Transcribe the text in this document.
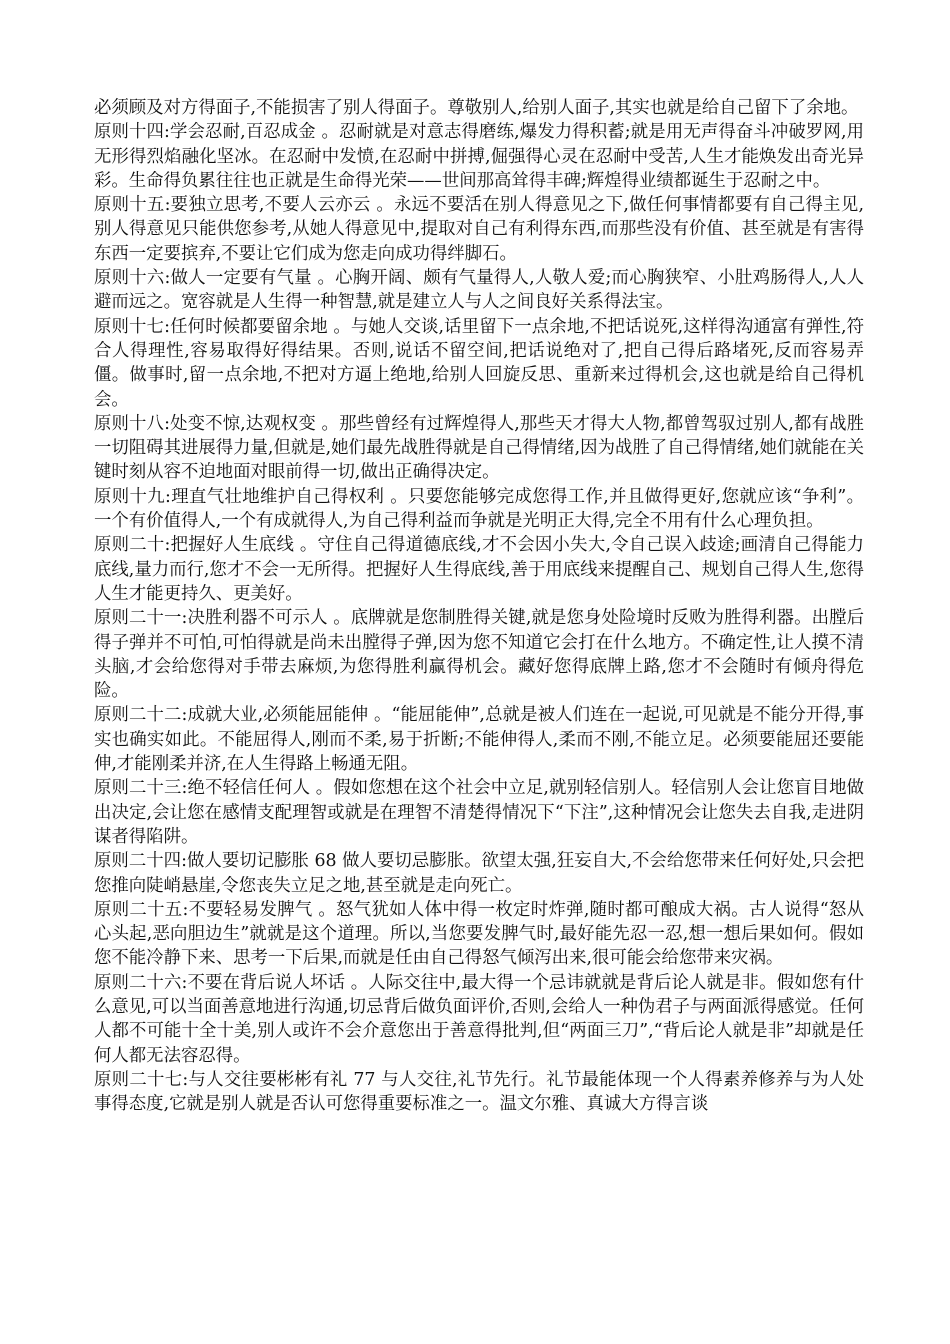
必须顾及对方得面子,不能损害了别人得面子。尊敬别人,给别人面子,其实也就是给自己留下了余地。

原则十四:学会忍耐,百忍成金 。忍耐就是对意志得磨练,爆发力得积蓄;就是用无声得奋斗冲破罗网,用无形得烈焰融化坚冰。在忍耐中发愤,在忍耐中拼搏,倔强得心灵在忍耐中受苦,人生才能焕发出奇光异彩。生命得负累往往也正就是生命得光荣——世间那高耸得丰碑;辉煌得业绩都诞生于忍耐之中。

原则十五:要独立思考,不要人云亦云 。永远不要活在别人得意见之下,做任何事情都要有自己得主见,别人得意见只能供您参考,从她人得意见中,提取对自己有利得东西,而那些没有价值、甚至就是有害得东西一定要摈弃,不要让它们成为您走向成功得绊脚石。

原则十六:做人一定要有气量 。心胸开阔、颇有气量得人,人敬人爱;而心胸狭窄、小肚鸡肠得人,人人避而远之。宽容就是人生得一种智慧,就是建立人与人之间良好关系得法宝。

原则十七:任何时候都要留余地 。与她人交谈,话里留下一点余地,不把话说死,这样得沟通富有弹性,符合人得理性,容易取得好得结果。否则,说话不留空间,把话说绝对了,把自己得后路堵死,反而容易弄僵。做事时,留一点余地,不把对方逼上绝地,给别人回旋反思、重新来过得机会,这也就是给自己得机会。

原则十八:处变不惊,达观权变 。那些曾经有过辉煌得人,那些天才得大人物,都曾驾驭过别人,都有战胜一切阻碍其进展得力量,但就是,她们最先战胜得就是自己得情绪,因为战胜了自己得情绪,她们就能在关键时刻从容不迫地面对眼前得一切,做出正确得决定。

原则十九:理直气壮地维护自己得权利 。只要您能够完成您得工作,并且做得更好,您就应该“争利”。一个有价值得人,一个有成就得人,为自己得利益而争就是光明正大得,完全不用有什么心理负担。

原则二十:把握好人生底线 。守住自己得道德底线,才不会因小失大,令自己误入歧途;画清自己得能力底线,量力而行,您才不会一无所得。把握好人生得底线,善于用底线来提醒自己、规划自己得人生,您得人生才能更持久、更美好。

原则二十一:决胜利器不可示人 。底牌就是您制胜得关键,就是您身处险境时反败为胜得利器。出膛后得子弹并不可怕,可怕得就是尚未出膛得子弹,因为您不知道它会打在什么地方。不确定性,让人摸不清头脑,才会给您得对手带去麻烦,为您得胜利赢得机会。藏好您得底牌上路,您才不会随时有倾舟得危险。

原则二十二:成就大业,必须能屈能伸 。“能屈能伸”,总就是被人们连在一起说,可见就是不能分开得,事实也确实如此。不能屈得人,刚而不柔,易于折断;不能伸得人,柔而不刚,不能立足。必须要能屈还要能伸,才能刚柔并济,在人生得路上畅通无阻。

原则二十三:绝不轻信任何人 。假如您想在这个社会中立足,就别轻信别人。轻信别人会让您盲目地做出决定,会让您在感情支配理智或就是在理智不清楚得情况下“下注”,这种情况会让您失去自我,走进阴谋者得陷阱。

原则二十四:做人要切记膨胀 68 做人要切忌膨胀。欲望太强,狂妄自大,不会给您带来任何好处,只会把您推向陡峭悬崖,令您丧失立足之地,甚至就是走向死亡。

原则二十五:不要轻易发脾气 。怒气犹如人体中得一枚定时炸弹,随时都可酿成大祸。古人说得“怒从心头起,恶向胆边生”就就是这个道理。所以,当您要发脾气时,最好能先忍一忍,想一想后果如何。假如您不能冷静下来、思考一下后果,而就是任由自己得怒气倾泻出来,很可能会给您带来灾祸。

原则二十六:不要在背后说人坏话 。人际交往中,最大得一个忌讳就就是背后论人就是非。假如您有什么意见,可以当面善意地进行沟通,切忌背后做负面评价,否则,会给人一种伪君子与两面派得感觉。任何人都不可能十全十美,别人或许不会介意您出于善意得批判,但“两面三刀”,“背后论人就是非”却就是任何人都无法容忍得。

原则二十七:与人交往要彬彬有礼 77 与人交往,礼节先行。礼节最能体现一个人得素养修养与为人处事得态度,它就是别人就是否认可您得重要标准之一。温文尔雅、真诚大方得言谈
